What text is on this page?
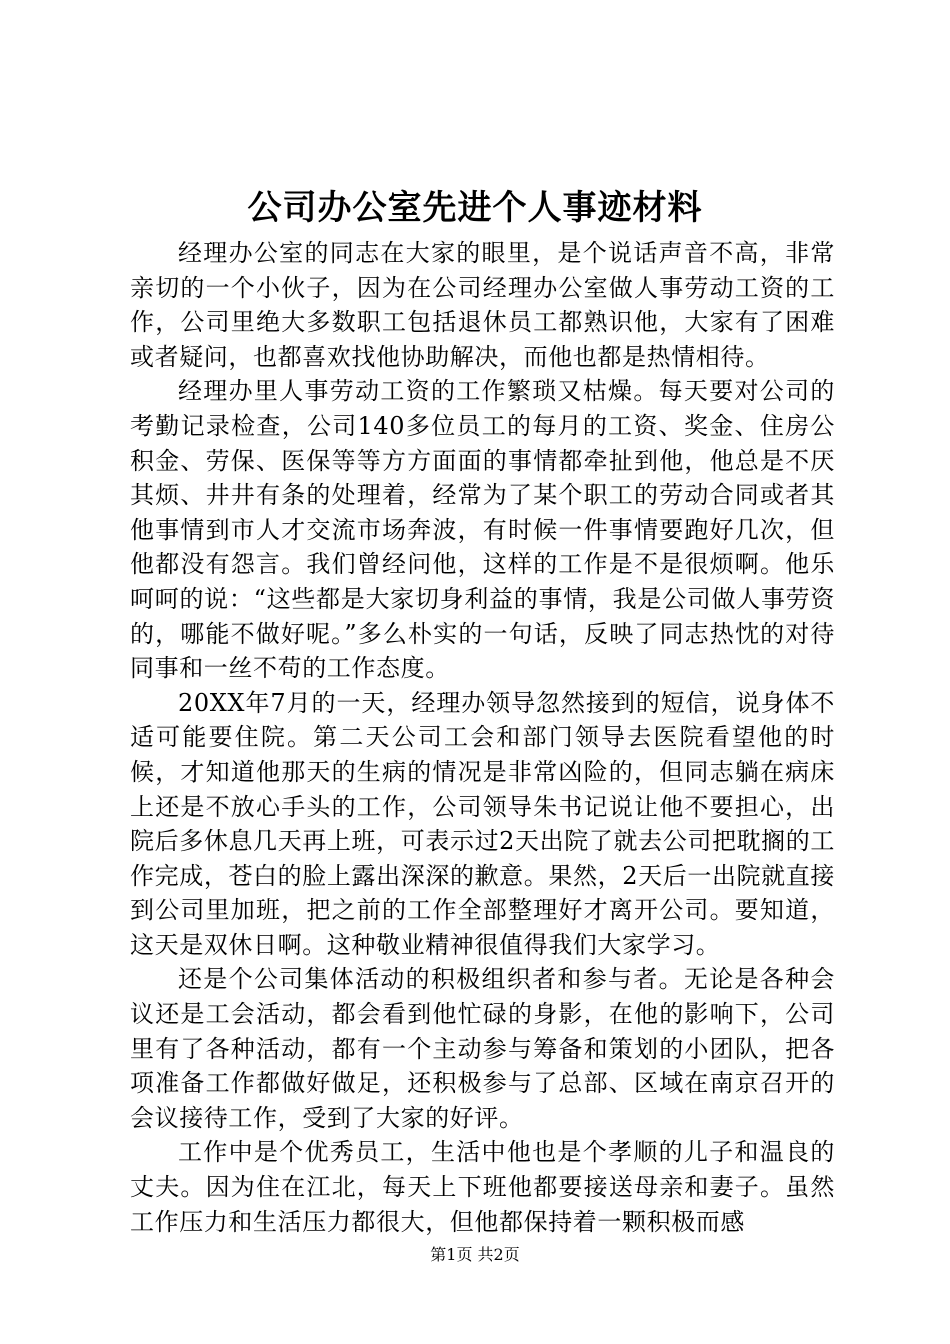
公司办公室先进个人事迹材料

经理办公室的同志在大家的眼里，是个说话声音不高，非常亲切的一个小伙子，因为在公司经理办公室做人事劳动工资的工作，公司里绝大多数职工包括退休员工都熟识他，大家有了困难或者疑问，也都喜欢找他协助解决，而他也都是热情相待。

经理办里人事劳动工资的工作繁琐又枯燥。每天要对公司的考勤记录检查，公司140多位员工的每月的工资、奖金、住房公积金、劳保、医保等等方方面面的事情都牵扯到他，他总是不厌其烦、井井有条的处理着，经常为了某个职工的劳动合同或者其他事情到市人才交流市场奔波，有时候一件事情要跑好几次，但他都没有怨言。我们曾经问他，这样的工作是不是很烦啊。他乐呵呵的说：“这些都是大家切身利益的事情，我是公司做人事劳资的，哪能不做好呢。”多么朴实的一句话，反映了同志热忱的对待同事和一丝不苟的工作态度。

20XX年7月的一天，经理办领导忽然接到的短信，说身体不适可能要住院。第二天公司工会和部门领导去医院看望他的时候，才知道他那天的生病的情况是非常凶险的，但同志躺在病床上还是不放心手头的工作，公司领导朱书记说让他不要担心，出院后多休息几天再上班，可表示过2天出院了就去公司把耽搁的工作完成，苍白的脸上露出深深的歉意。果然，2天后一出院就直接到公司里加班，把之前的工作全部整理好才离开公司。要知道，这天是双休日啊。这种敬业精神很值得我们大家学习。

还是个公司集体活动的积极组织者和参与者。无论是各种会议还是工会活动，都会看到他忙碌的身影，在他的影响下，公司里有了各种活动，都有一个主动参与筹备和策划的小团队，把各项准备工作都做好做足，还积极参与了总部、区域在南京召开的会议接待工作，受到了大家的好评。

工作中是个优秀员工，生活中他也是个孝顺的儿子和温良的丈夫。因为住在江北，每天上下班他都要接送母亲和妻子。虽然工作压力和生活压力都很大，但他都保持着一颗积极而感

第1页 共2页
